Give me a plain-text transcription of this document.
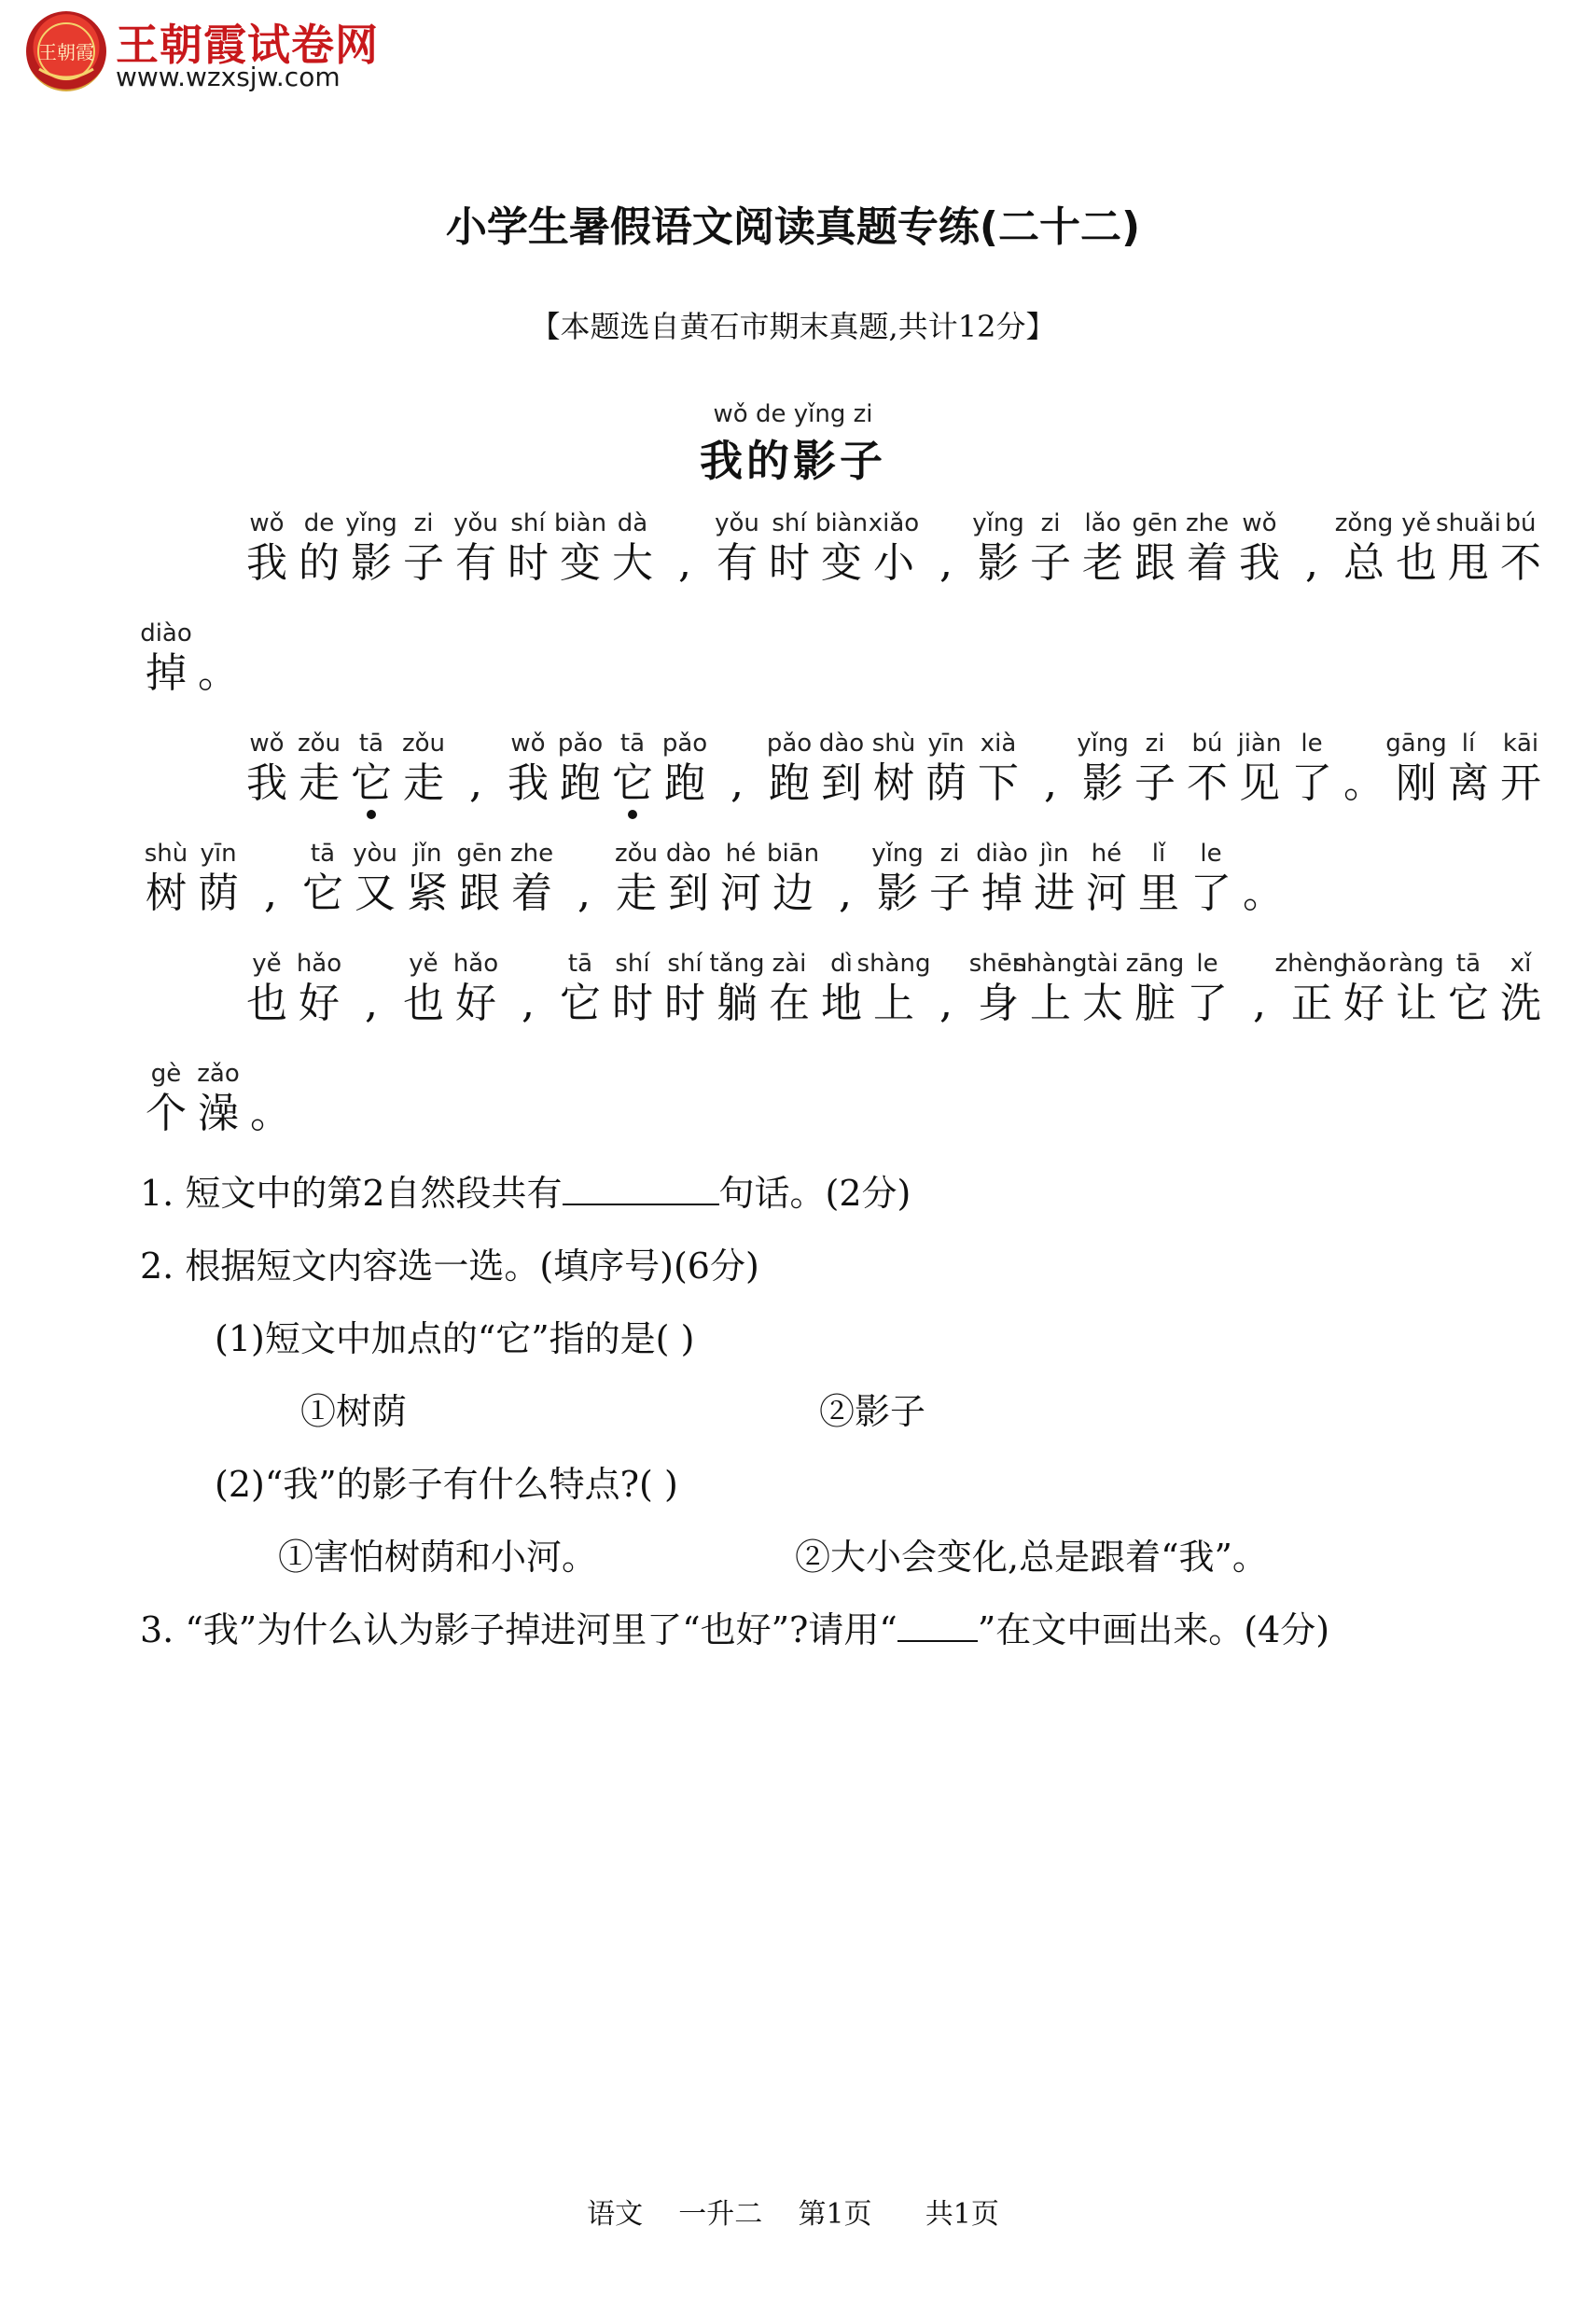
王朝霞 王朝霞试卷网
www.wzxsjw.com
小学生暑假语文阅读真题专练(二十二)
【本题选自黄石市期末真题,共计12分】
wǒ de yǐng zi
我的影子
wǒ
我
de
的
yǐng
影
zi
子
yǒu
有
shí
时
biàn
变
dà
大 ,
yǒu
有
shí
时
biàn
变
xiǎo
小 ,
yǐng
影
zi
子
lǎo
老
gēn
跟
zhe
着
wǒ
我 ,
zǒng
总
yě
也
shuǎi
甩
bú
不
diào
掉 。
wǒ
我
zǒu
走
tā
它
zǒu
走 ,
wǒ
我
pǎo
跑
tā
它
pǎo
跑 ,
pǎo
跑
dào
到
shù
树
yīn
荫
xià
下 ,
yǐng
影
zi
子
bú
不
jiàn
见
le
了 。
gāng
刚
lí
离
kāi
开
shù
树
yīn
荫 ,
tā
它
yòu
又
jǐn
紧
gēn
跟
zhe
着 ,
zǒu
走
dào
到
hé
河
biān
边 ,
yǐng
影
zi
子
diào
掉
jìn
进
hé
河
lǐ
里
le
了 。
yě
也
hǎo
好 ,
yě
也
hǎo
好 ,
tā
它
shí
时
shí
时
tǎng
躺
zài
在
dì
地
shàng
上 ,
shēn
身
shàng
上
tài
太
zāng
脏
le
了 ,
zhèng
正
hǎo
好
ràng
让
tā
它
xǐ
洗
gè
个
zǎo
澡 。
1. 短文中的第2自然段共有	句话。(2分)
2. 根据短文内容选一选。(填序号)(6分)
(1)短文中加点的“它”指的是( )
①树荫	②影子
(2)“我”的影子有什么特点?( )
①害怕树荫和小河。	②大小会变化,总是跟着“我”。
3. “我”为什么认为影子掉进河里了“也好”?请用“ ”在文中画出来。(4分)
语文    一升二    第1页      共1页
